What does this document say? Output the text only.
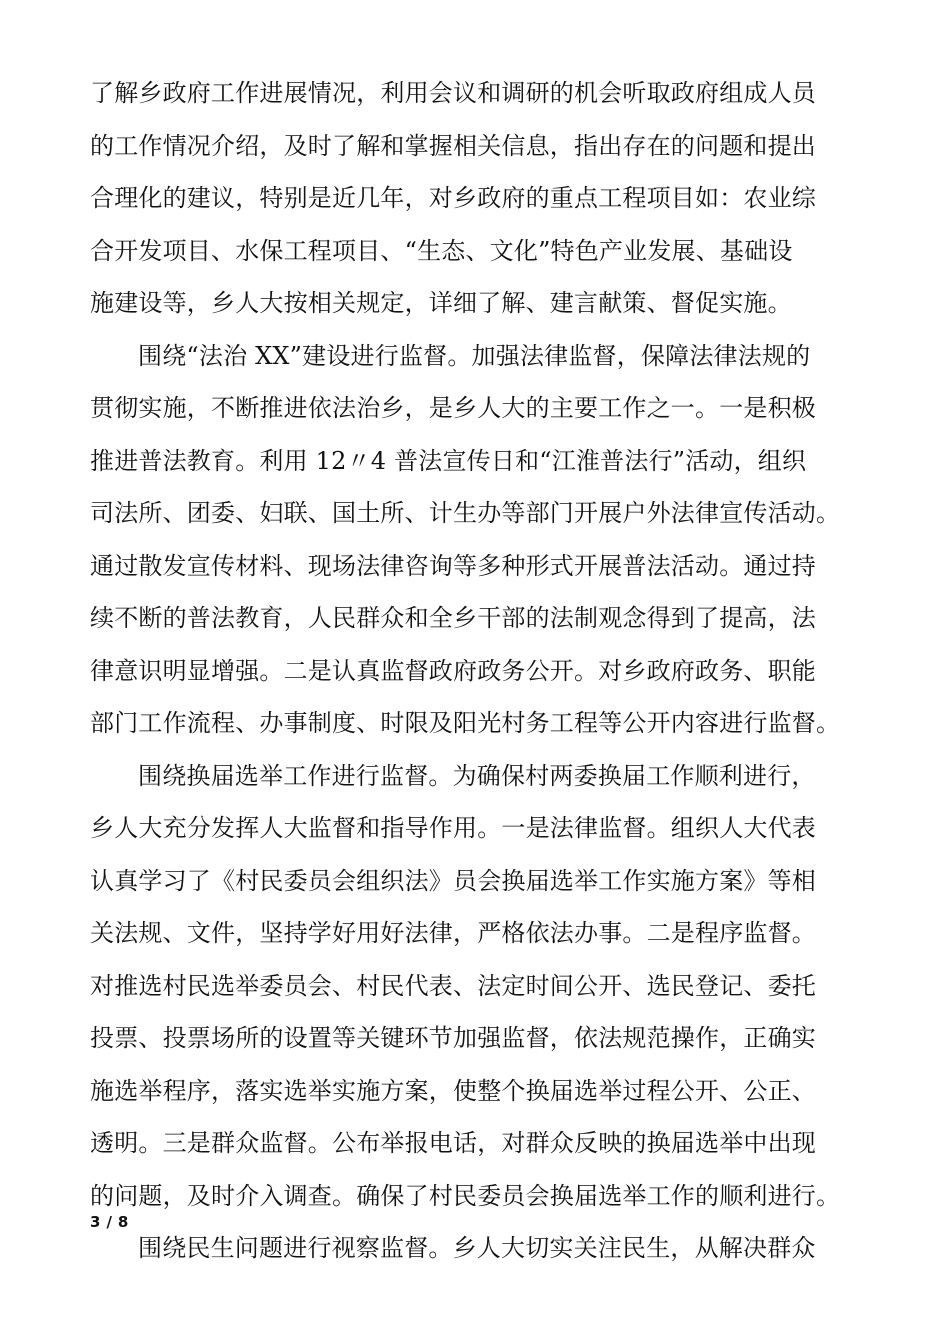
了解乡政府工作进展情况，利用会议和调研的机会听取政府组成人员
的工作情况介绍，及时了解和掌握相关信息，指出存在的问题和提出
合理化的建议，特别是近几年，对乡政府的重点工程项目如：农业综
合开发项目、水保工程项目、“生态、文化”特色产业发展、基础设
施建设等，乡人大按相关规定，详细了解、建言献策、督促实施。
围绕“法治 XX”建设进行监督。加强法律监督，保障法律法规的
贯彻实施，不断推进依法治乡，是乡人大的主要工作之一。一是积极
推进普法教育。利用 12〃4 普法宣传日和“江淮普法行”活动，组织
司法所、团委、妇联、国土所、计生办等部门开展户外法律宣传活动。
通过散发宣传材料、现场法律咨询等多种形式开展普法活动。通过持
续不断的普法教育，人民群众和全乡干部的法制观念得到了提高，法
律意识明显增强。二是认真监督政府政务公开。对乡政府政务、职能
部门工作流程、办事制度、时限及阳光村务工程等公开内容进行监督。
围绕换届选举工作进行监督。为确保村两委换届工作顺利进行，
乡人大充分发挥人大监督和指导作用。一是法律监督。组织人大代表
认真学习了《村民委员会组织法》员会换届选举工作实施方案》等相
关法规、文件，坚持学好用好法律，严格依法办事。二是程序监督。
对推选村民选举委员会、村民代表、法定时间公开、选民登记、委托
投票、投票场所的设置等关键环节加强监督，依法规范操作，正确实
施选举程序，落实选举实施方案，使整个换届选举过程公开、公正、
透明。三是群众监督。公布举报电话，对群众反映的换届选举中出现
的问题，及时介入调查。确保了村民委员会换届选举工作的顺利进行。
围绕民生问题进行视察监督。乡人大切实关注民生，从解决群众
3 / 8
